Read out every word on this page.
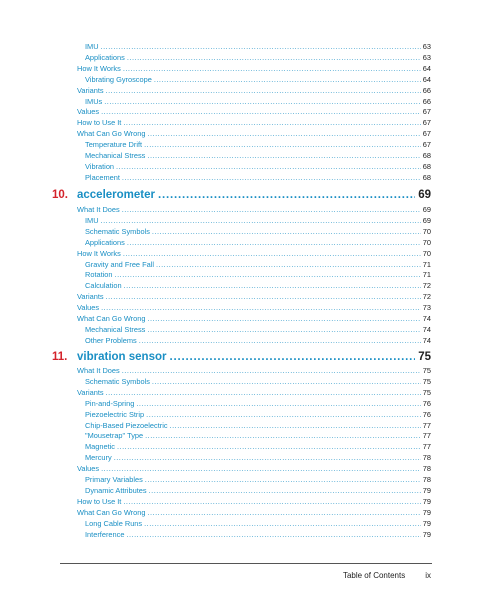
IMU .....	63
Applications .....	63
How It Works .....	64
Vibrating Gyroscope .....	64
Variants .....	66
IMUs .....	66
Values .....	67
How to Use It .....	67
What Can Go Wrong .....	67
Temperature Drift .....	67
Mechanical Stress .....	68
Vibration .....	68
Placement .....	68
10. accelerometer .....	69
What It Does .....	69
IMU .....	69
Schematic Symbols .....	70
Applications .....	70
How It Works .....	70
Gravity and Free Fall .....	71
Rotation .....	71
Calculation .....	72
Variants .....	72
Values .....	73
What Can Go Wrong .....	74
Mechanical Stress .....	74
Other Problems .....	74
11. vibration sensor .....	75
What It Does .....	75
Schematic Symbols .....	75
Variants .....	75
Pin-and-Spring .....	76
Piezoelectric Strip .....	76
Chip-Based Piezoelectric .....	77
"Mousetrap" Type .....	77
Magnetic .....	77
Mercury .....	78
Values .....	78
Primary Variables .....	78
Dynamic Attributes .....	79
How to Use It .....	79
What Can Go Wrong .....	79
Long Cable Runs .....	79
Interference .....	79
Table of Contents	ix
